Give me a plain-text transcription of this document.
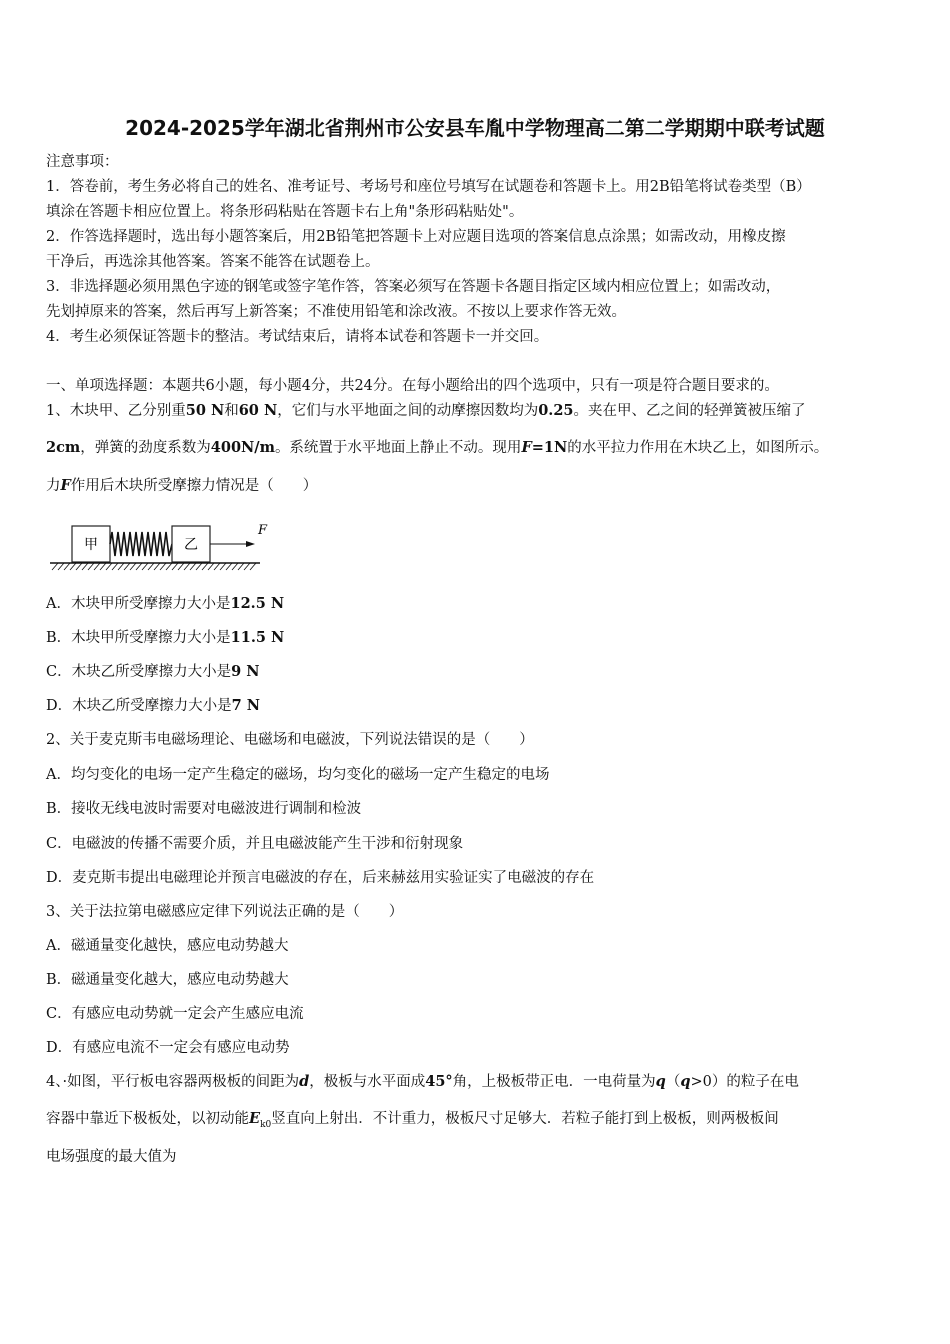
2024-2025学年湖北省荆州市公安县车胤中学物理高二第二学期期中联考试题
注意事项：
1．答卷前，考生务必将自己的姓名、准考证号、考场号和座位号填写在试题卷和答题卡上。用2B铅笔将试卷类型（B）
填涂在答题卡相应位置上。将条形码粘贴在答题卡右上角"条形码粘贴处"。
2．作答选择题时，选出每小题答案后，用2B铅笔把答题卡上对应题目选项的答案信息点涂黑；如需改动，用橡皮擦
干净后，再选涂其他答案。答案不能答在试题卷上。
3．非选择题必须用黑色字迹的钢笔或签字笔作答，答案必须写在答题卡各题目指定区域内相应位置上；如需改动，
先划掉原来的答案，然后再写上新答案；不准使用铅笔和涂改液。不按以上要求作答无效。
4．考生必须保证答题卡的整洁。考试结束后，请将本试卷和答题卡一并交回。
一、单项选择题：本题共6小题，每小题4分，共24分。在每小题给出的四个选项中，只有一项是符合题目要求的。
1、木块甲、乙分别重50 N和60 N，它们与水平地面之间的动摩擦因数均为0.25。夹在甲、乙之间的轻弹簧被压缩了
2cm，弹簧的劲度系数为400N/m。系统置于水平地面上静止不动。现用F=1N的水平拉力作用在木块乙上，如图所示。
力F作用后木块所受摩擦力情况是（　　）
甲	乙
F
A．木块甲所受摩擦力大小是12.5 N
B．木块甲所受摩擦力大小是11.5 N
C．木块乙所受摩擦力大小是9 N
D．木块乙所受摩擦力大小是7 N
2、关于麦克斯韦电磁场理论、电磁场和电磁波，下列说法错误的是（　　）
A．均匀变化的电场一定产生稳定的磁场，均匀变化的磁场一定产生稳定的电场
B．接收无线电波时需要对电磁波进行调制和检波
C．电磁波的传播不需要介质，并且电磁波能产生干涉和衍射现象
D．麦克斯韦提出电磁理论并预言电磁波的存在，后来赫兹用实验证实了电磁波的存在
3、关于法拉第电磁感应定律下列说法正确的是（　　）
A．磁通量变化越快，感应电动势越大
B．磁通量变化越大，感应电动势越大
C．有感应电动势就一定会产生感应电流
D．有感应电流不一定会有感应电动势
4、·如图，平行板电容器两极板的间距为d，极板与水平面成45°角，上极板带正电．一电荷量为q（q>0）的粒子在电
容器中靠近下极板处，以初动能$E_{k0}$竖直向上射出．不计重力，极板尺寸足够大．若粒子能打到上极板，则两极板间
电场强度的最大值为
